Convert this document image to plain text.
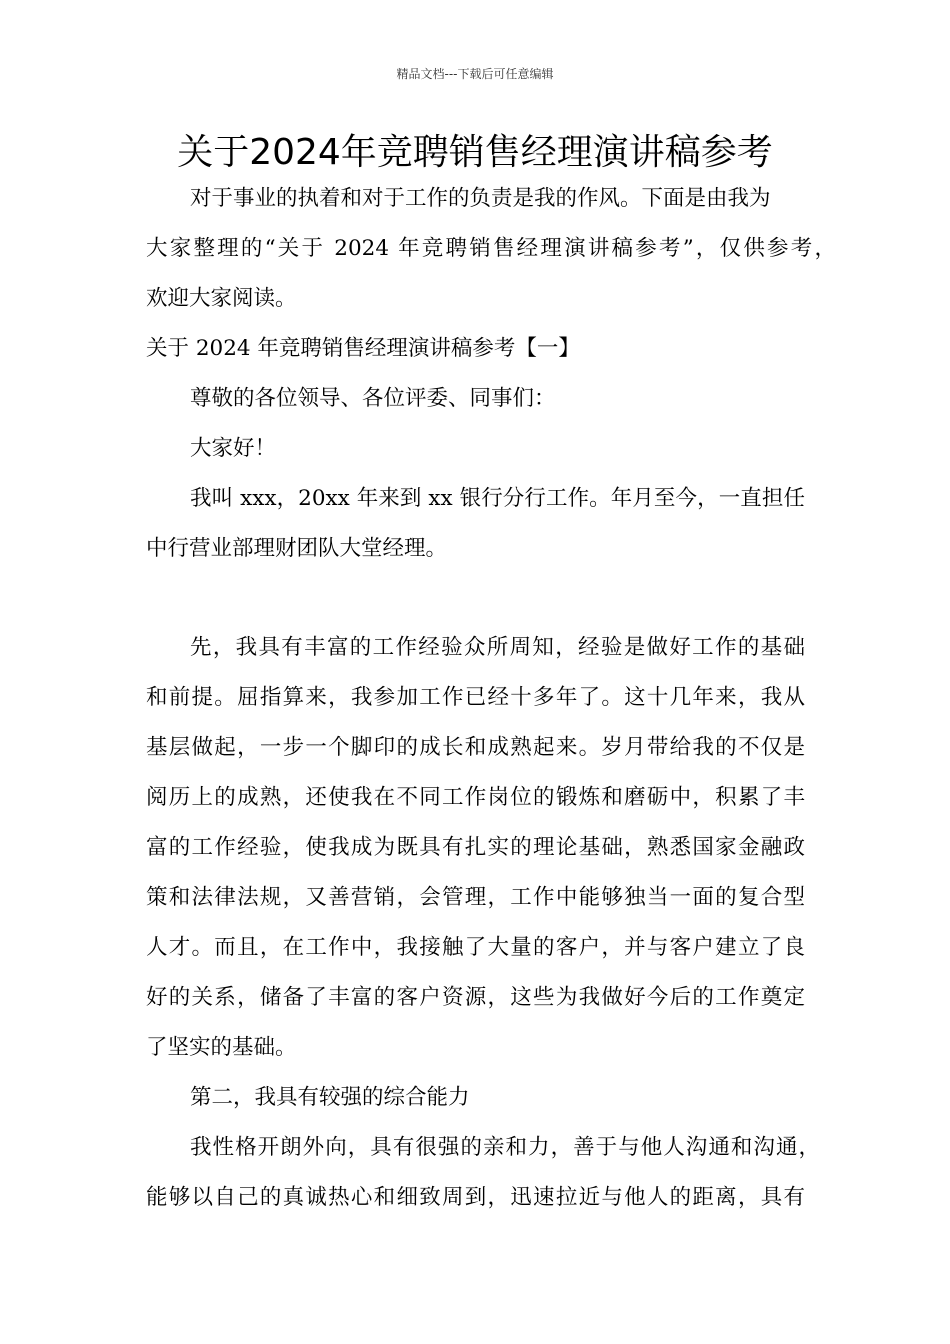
精品文档---下载后可任意编辑
关于2024年竞聘销售经理演讲稿参考
对于事业的执着和对于工作的负责是我的作风。下面是由我为
大家整理的“关于 2024 年竞聘销售经理演讲稿参考”，仅供参考，
欢迎大家阅读。
关于 2024 年竞聘销售经理演讲稿参考【一】
尊敬的各位领导、各位评委、同事们：
大家好！
我叫 xxx，20xx 年来到 xx 银行分行工作。年月至今，一直担任
中行营业部理财团队大堂经理。
先，我具有丰富的工作经验众所周知，经验是做好工作的基础
和前提。屈指算来，我参加工作已经十多年了。这十几年来，我从
基层做起，一步一个脚印的成长和成熟起来。岁月带给我的不仅是
阅历上的成熟，还使我在不同工作岗位的锻炼和磨砺中，积累了丰
富的工作经验，使我成为既具有扎实的理论基础，熟悉国家金融政
策和法律法规，又善营销，会管理，工作中能够独当一面的复合型
人才。而且，在工作中，我接触了大量的客户，并与客户建立了良
好的关系，储备了丰富的客户资源，这些为我做好今后的工作奠定
了坚实的基础。
第二，我具有较强的综合能力
我性格开朗外向，具有很强的亲和力，善于与他人沟通和沟通，
能够以自己的真诚热心和细致周到，迅速拉近与他人的距离，具有
